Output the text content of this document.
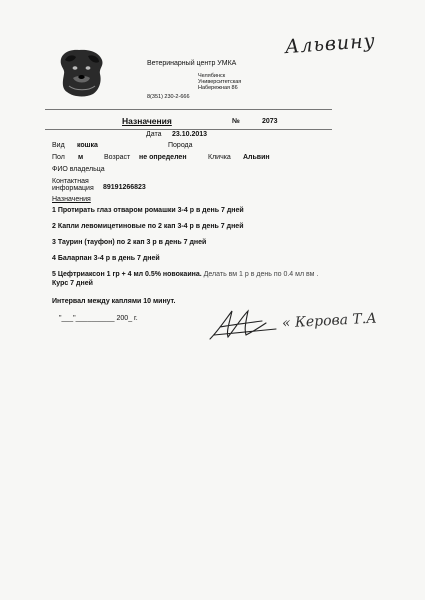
Ветеринарный центр УМКА
Челябинск
Университетская
Набережная 86
8(351) 230-2-666
Альвину
Назначения	№	2073
Дата 23.10.2013
Вид кошка	Порода
Пол м	Возраст не определен	Кличка Альвин
ФИО владельца
Контактная
информация 89191266823
Назначения
1 Протирать глаз отваром ромашки 3-4 р в день 7 дней
2 Капли левомицетиновые по 2 кап 3-4 р в день 7 дней
3 Таурин (тауфон) по 2 кап 3 р в день 7 дней
4 Баларпан 3-4 р в день 7 дней
5 Цефтриаксон 1 гр + 4 мл 0.5% новокаина. Делать вм 1 р в день по 0.4 мл вм .
Курс 7 дней
Интервал между каплями 10 минут.
"___"__________ 200_ г.	« Керова Т.А
